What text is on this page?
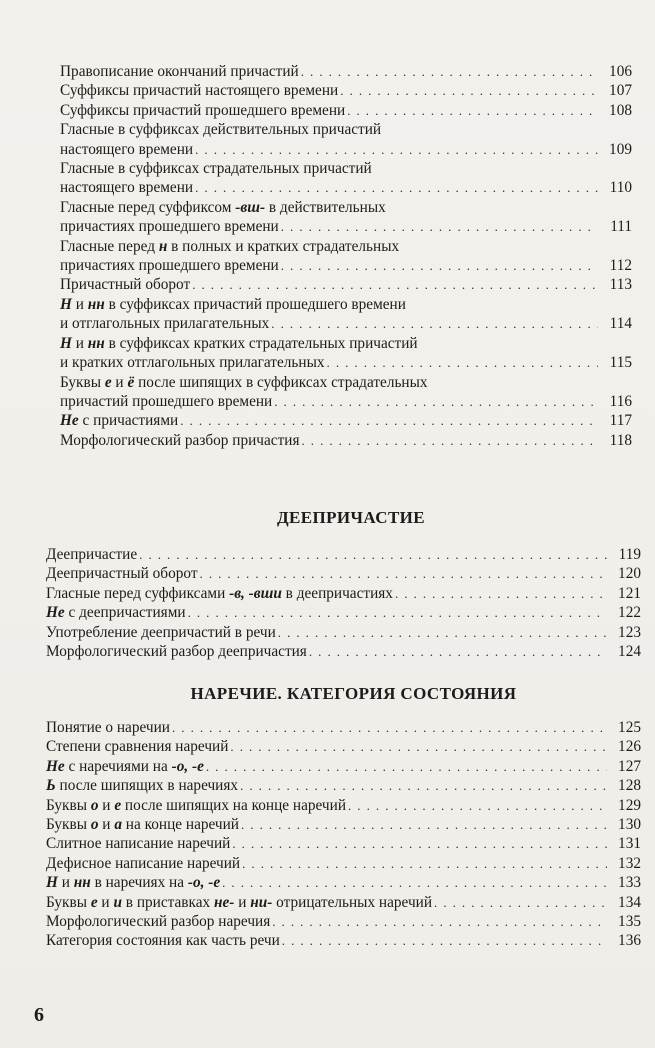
Правописание окончаний причастий . . .	106
Суффиксы причастий настоящего времени . . .	107
Суффиксы причастий прошедшего времени . . .	108
Гласные в суффиксах действительных причастий
настоящего времени . . .	109
Гласные в суффиксах страдательных причастий
настоящего времени . . .	110
Гласные перед суффиксом -вш- в действительных
причастиях прошедшего времени . . .	111
Гласные перед н в полных и кратких страдательных
причастиях прошедшего времени . . .	112
Причастный оборот . . .	113
Н и нн в суффиксах причастий прошедшего времени
и отглагольных прилагательных . . .	114
Н и нн в суффиксах кратких страдательных причастий
и кратких отглагольных прилагательных . . .	115
Буквы е и ё после шипящих в суффиксах страдательных
причастий прошедшего времени . . .	116
Не с причастиями . . .	117
Морфологический разбор причастия . . .	118
ДЕЕПРИЧАСТИЕ
Деепричастие . . .	119
Деепричастный оборот . . .	120
Гласные перед суффиксами -в, -вши в деепричастиях . . .	121
Не с деепричастиями . . .	122
Употребление деепричастий в речи . . .	123
Морфологический разбор деепричастия . . .	124
НАРЕЧИЕ. КАТЕГОРИЯ СОСТОЯНИЯ
Понятие о наречии . . .	125
Степени сравнения наречий . . .	126
Не с наречиями на -о, -е . . .	127
Ь после шипящих в наречиях . . .	128
Буквы о и е после шипящих на конце наречий . . .	129
Буквы о и а на конце наречий . . .	130
Слитное написание наречий . . .	131
Дефисное написание наречий . . .	132
Н и нн в наречиях на -о, -е . . .	133
Буквы е и и в приставках не- и ни- отрицательных наречий . . .	134
Морфологический разбор наречия . . .	135
Категория состояния как часть речи . . .	136
6
